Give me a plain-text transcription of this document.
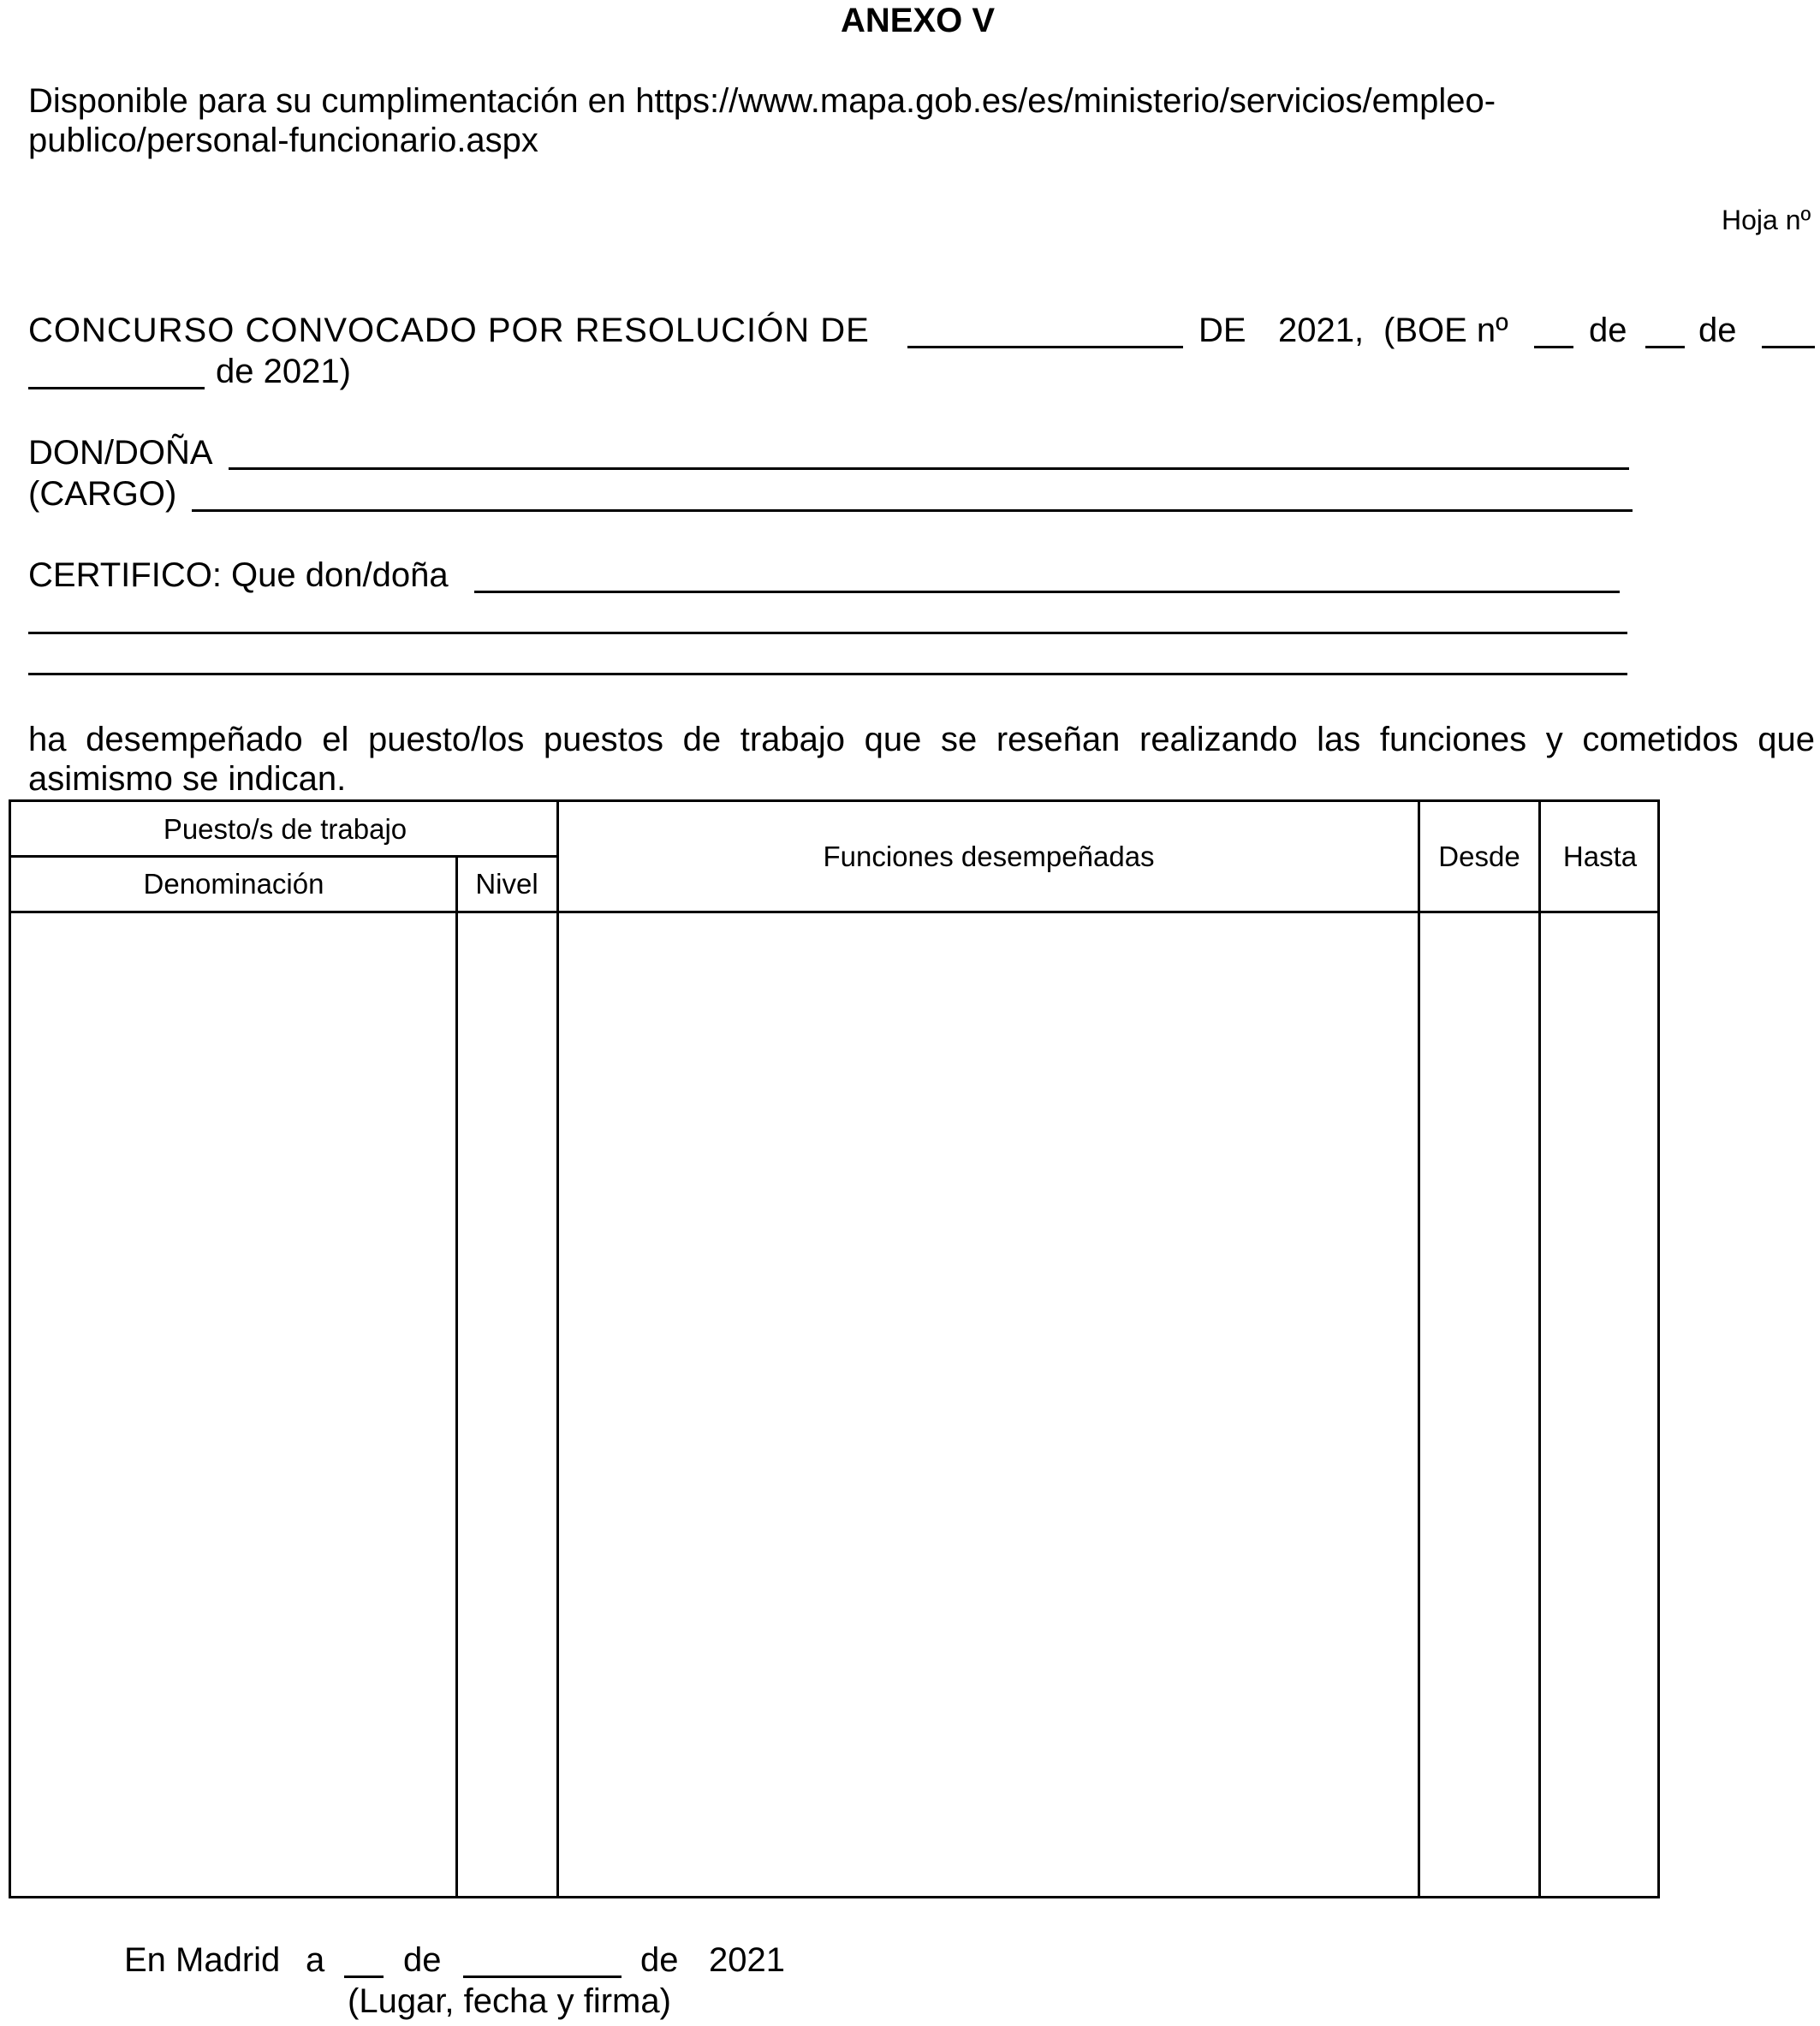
ANEXO V
Disponible para su cumplimentación en https://www.mapa.gob.es/es/ministerio/servicios/empleo-
publico/personal-funcionario.aspx
Hoja nº
CONCURSO CONVOCADO POR RESOLUCIÓN DE	DE 2021, (BOE nº de de
de 2021)
DON/DOÑA
(CARGO)
CERTIFICO: Que don/doña
ha desempeñado el puesto/los puestos de trabajo que se reseñan realizando las funciones y cometidos que
asimismo se indican.
Puesto/s de trabajo
Denominación	Nivel
Funciones desempeñadas	Desde	Hasta
En Madrid a de	de 2021
(Lugar, fecha y firma)
